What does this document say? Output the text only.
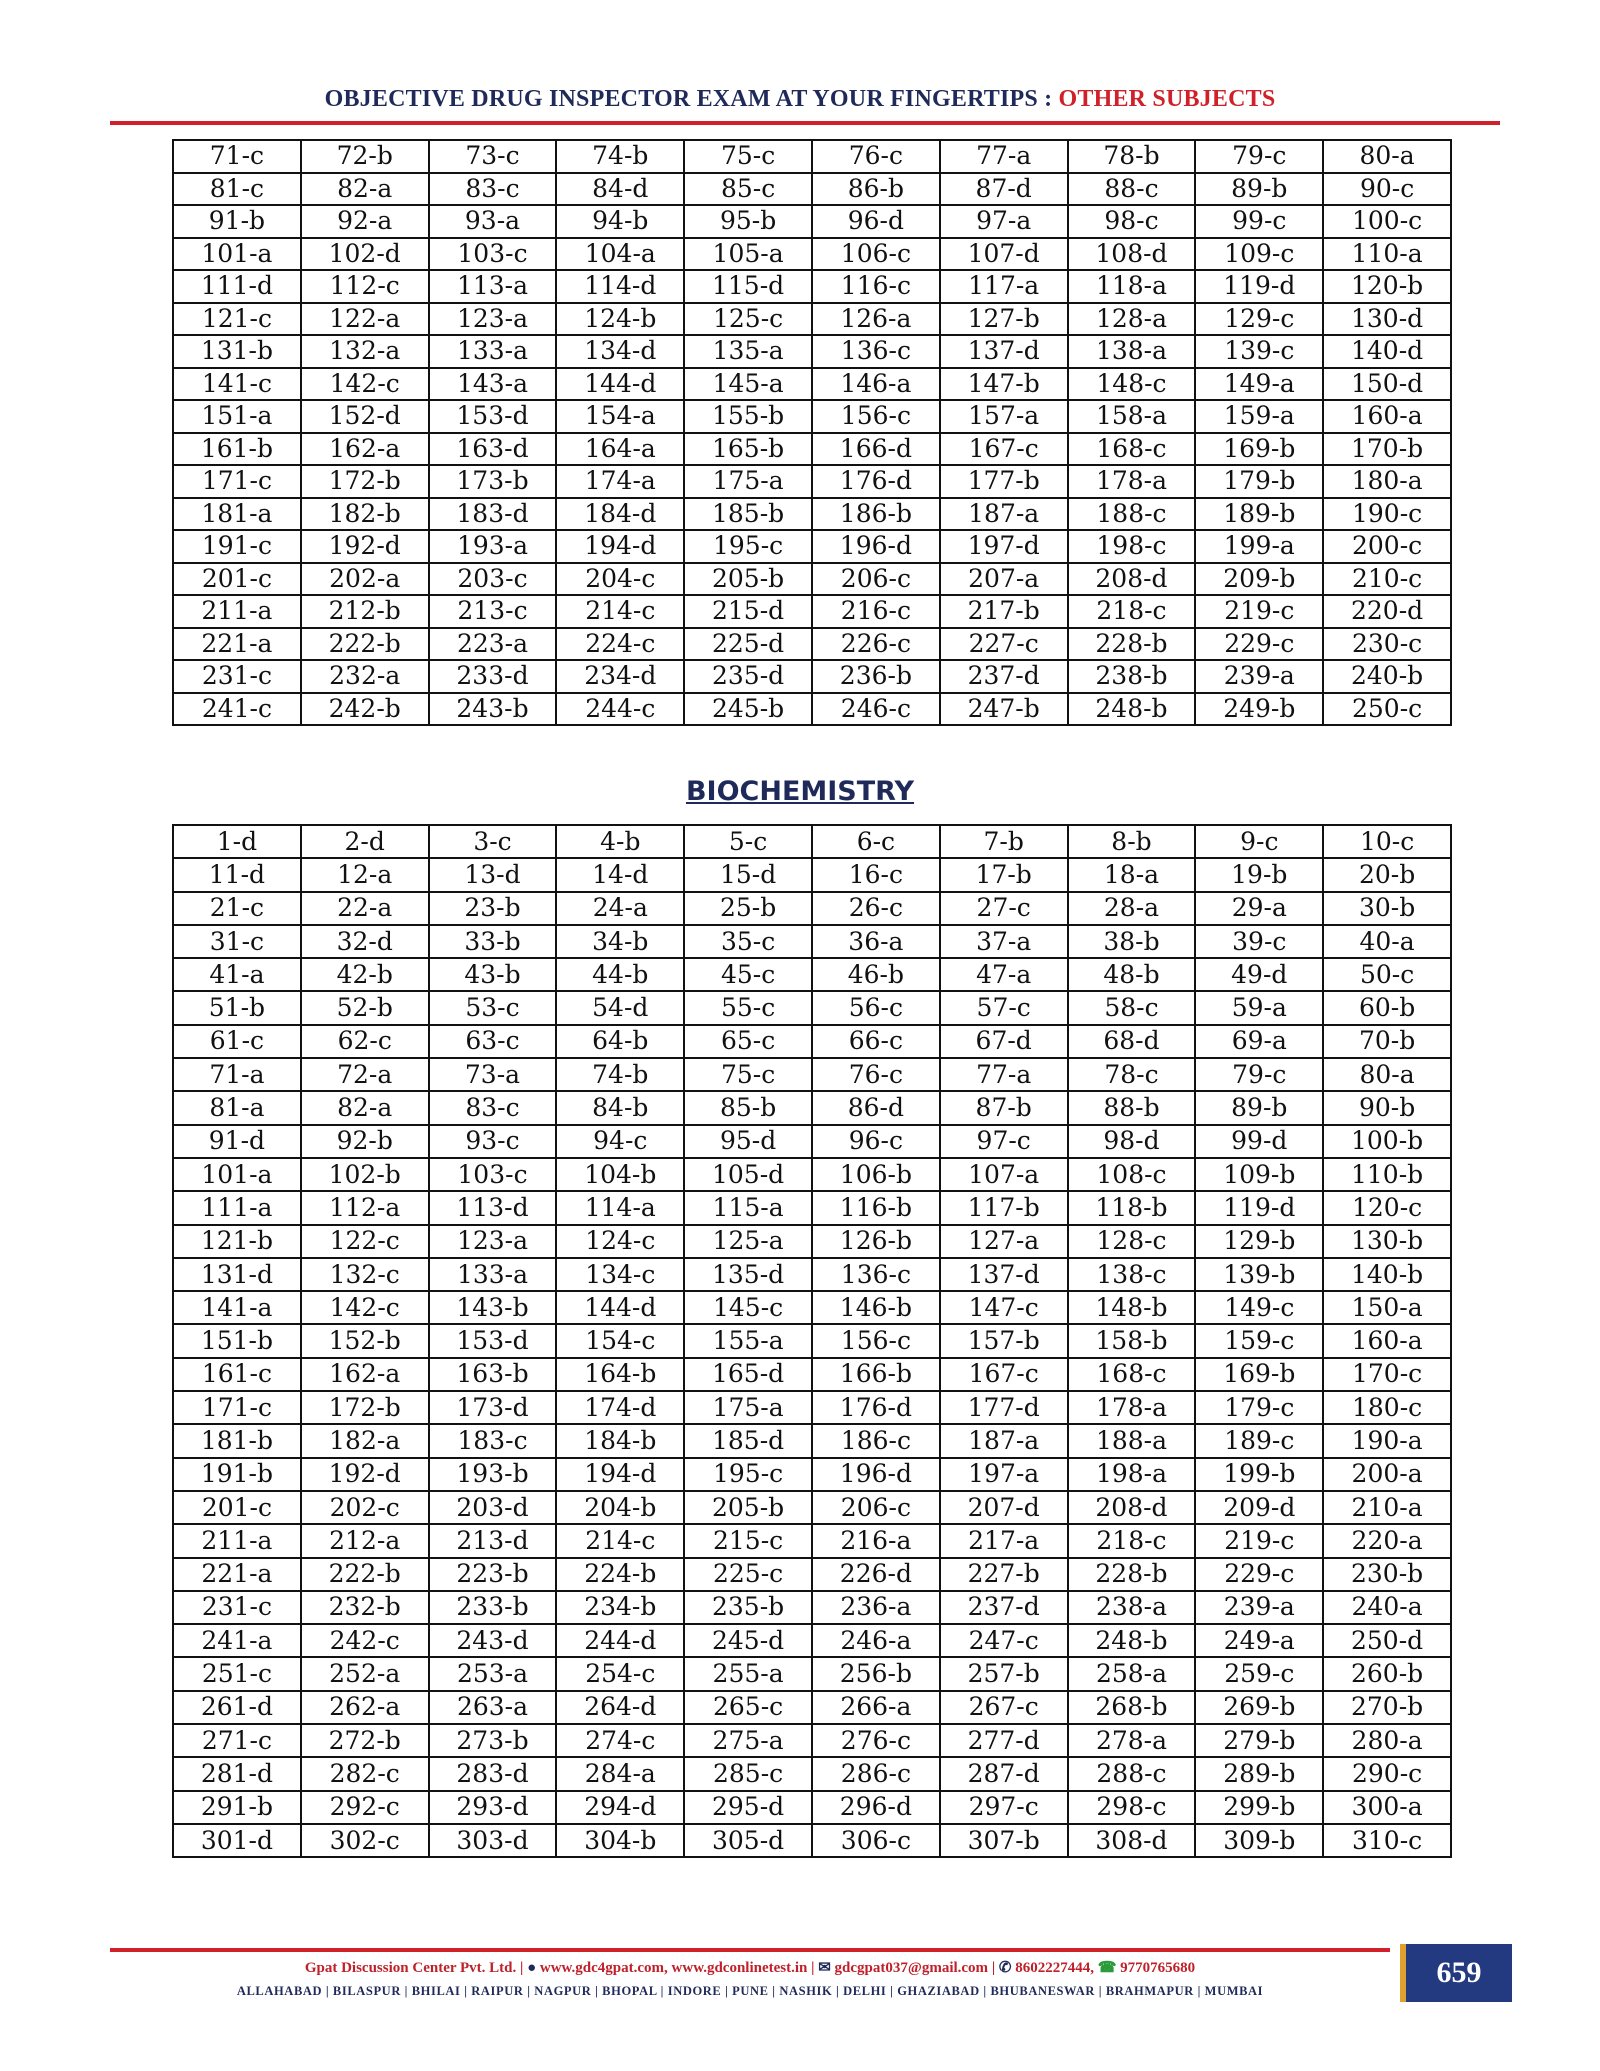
OBJECTIVE DRUG INSPECTOR EXAM AT YOUR FINGERTIPS : OTHER SUBJECTS
71-c	72-b	73-c	74-b	75-c	76-c	77-a	78-b	79-c	80-a
81-c	82-a	83-c	84-d	85-c	86-b	87-d	88-c	89-b	90-c
91-b	92-a	93-a	94-b	95-b	96-d	97-a	98-c	99-c	100-c
101-a	102-d	103-c	104-a	105-a	106-c	107-d	108-d	109-c	110-a
111-d	112-c	113-a	114-d	115-d	116-c	117-a	118-a	119-d	120-b
121-c	122-a	123-a	124-b	125-c	126-a	127-b	128-a	129-c	130-d
131-b	132-a	133-a	134-d	135-a	136-c	137-d	138-a	139-c	140-d
141-c	142-c	143-a	144-d	145-a	146-a	147-b	148-c	149-a	150-d
151-a	152-d	153-d	154-a	155-b	156-c	157-a	158-a	159-a	160-a
161-b	162-a	163-d	164-a	165-b	166-d	167-c	168-c	169-b	170-b
171-c	172-b	173-b	174-a	175-a	176-d	177-b	178-a	179-b	180-a
181-a	182-b	183-d	184-d	185-b	186-b	187-a	188-c	189-b	190-c
191-c	192-d	193-a	194-d	195-c	196-d	197-d	198-c	199-a	200-c
201-c	202-a	203-c	204-c	205-b	206-c	207-a	208-d	209-b	210-c
211-a	212-b	213-c	214-c	215-d	216-c	217-b	218-c	219-c	220-d
221-a	222-b	223-a	224-c	225-d	226-c	227-c	228-b	229-c	230-c
231-c	232-a	233-d	234-d	235-d	236-b	237-d	238-b	239-a	240-b
241-c	242-b	243-b	244-c	245-b	246-c	247-b	248-b	249-b	250-c
BIOCHEMISTRY
1-d	2-d	3-c	4-b	5-c	6-c	7-b	8-b	9-c	10-c
11-d	12-a	13-d	14-d	15-d	16-c	17-b	18-a	19-b	20-b
21-c	22-a	23-b	24-a	25-b	26-c	27-c	28-a	29-a	30-b
31-c	32-d	33-b	34-b	35-c	36-a	37-a	38-b	39-c	40-a
41-a	42-b	43-b	44-b	45-c	46-b	47-a	48-b	49-d	50-c
51-b	52-b	53-c	54-d	55-c	56-c	57-c	58-c	59-a	60-b
61-c	62-c	63-c	64-b	65-c	66-c	67-d	68-d	69-a	70-b
71-a	72-a	73-a	74-b	75-c	76-c	77-a	78-c	79-c	80-a
81-a	82-a	83-c	84-b	85-b	86-d	87-b	88-b	89-b	90-b
91-d	92-b	93-c	94-c	95-d	96-c	97-c	98-d	99-d	100-b
101-a	102-b	103-c	104-b	105-d	106-b	107-a	108-c	109-b	110-b
111-a	112-a	113-d	114-a	115-a	116-b	117-b	118-b	119-d	120-c
121-b	122-c	123-a	124-c	125-a	126-b	127-a	128-c	129-b	130-b
131-d	132-c	133-a	134-c	135-d	136-c	137-d	138-c	139-b	140-b
141-a	142-c	143-b	144-d	145-c	146-b	147-c	148-b	149-c	150-a
151-b	152-b	153-d	154-c	155-a	156-c	157-b	158-b	159-c	160-a
161-c	162-a	163-b	164-b	165-d	166-b	167-c	168-c	169-b	170-c
171-c	172-b	173-d	174-d	175-a	176-d	177-d	178-a	179-c	180-c
181-b	182-a	183-c	184-b	185-d	186-c	187-a	188-a	189-c	190-a
191-b	192-d	193-b	194-d	195-c	196-d	197-a	198-a	199-b	200-a
201-c	202-c	203-d	204-b	205-b	206-c	207-d	208-d	209-d	210-a
211-a	212-a	213-d	214-c	215-c	216-a	217-a	218-c	219-c	220-a
221-a	222-b	223-b	224-b	225-c	226-d	227-b	228-b	229-c	230-b
231-c	232-b	233-b	234-b	235-b	236-a	237-d	238-a	239-a	240-a
241-a	242-c	243-d	244-d	245-d	246-a	247-c	248-b	249-a	250-d
251-c	252-a	253-a	254-c	255-a	256-b	257-b	258-a	259-c	260-b
261-d	262-a	263-a	264-d	265-c	266-a	267-c	268-b	269-b	270-b
271-c	272-b	273-b	274-c	275-a	276-c	277-d	278-a	279-b	280-a
281-d	282-c	283-d	284-a	285-c	286-c	287-d	288-c	289-b	290-c
291-b	292-c	293-d	294-d	295-d	296-d	297-c	298-c	299-b	300-a
301-d	302-c	303-d	304-b	305-d	306-c	307-b	308-d	309-b	310-c
Gpat Discussion Center Pvt. Ltd. | ● www.gdc4gpat.com, www.gdconlinetest.in | ✉ gdcgpat037@gmail.com | ✆ 8602227444, ☎ 9770765680
ALLAHABAD | BILASPUR | BHILAI | RAIPUR | NAGPUR | BHOPAL | INDORE | PUNE | NASHIK | DELHI | GHAZIABAD | BHUBANESWAR | BRAHMAPUR | MUMBAI
659
